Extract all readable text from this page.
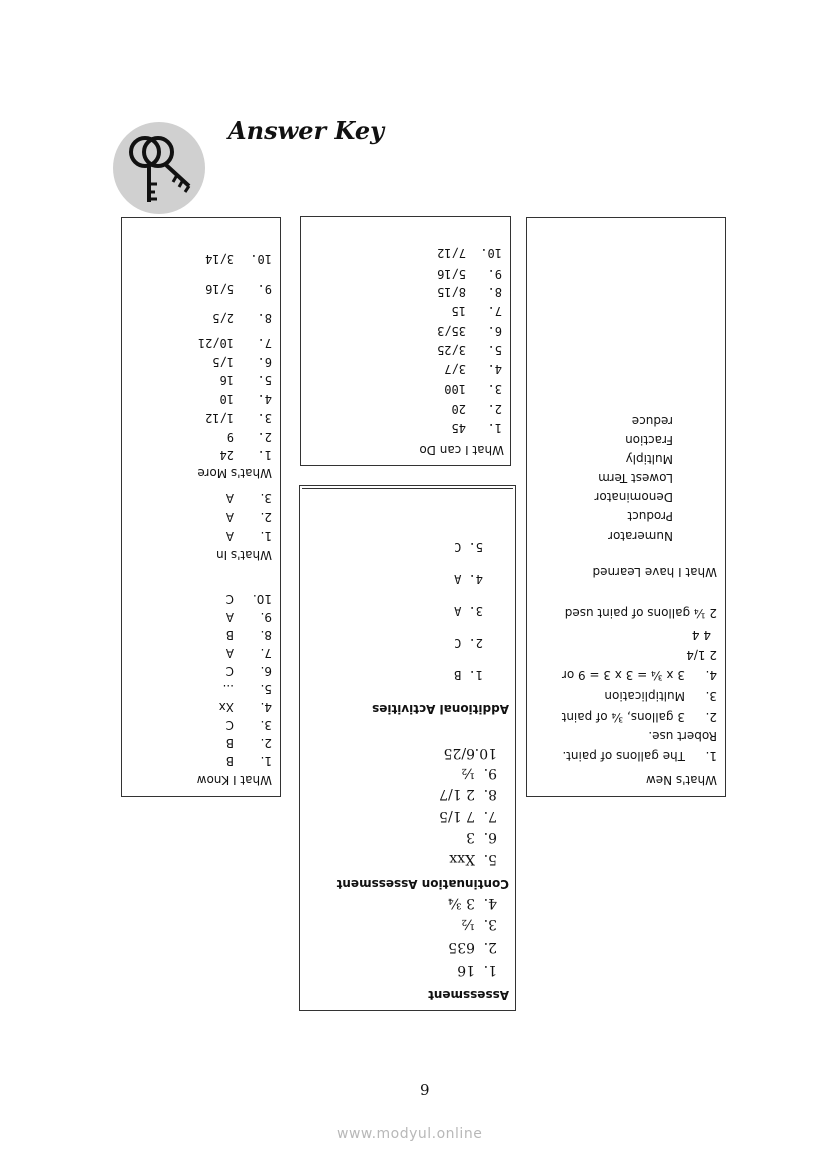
Answer Key
What I Know
1.B
2.B
3.C
4.Xx
5....
6.C
7.A
8.B
9.A
10.C
What's In
1.A
2.A
3.A
What's More
1.24
2.9
3.1/12
4.10
5.16
6.1/5
7.10/21
8.2/5
9.5/16
10.3/14
What I can Do
1.45
2.20
3.100
4.3/7
5.3/25
6.35/3
7.15
8.8/15
9.5/16
10.7/12
Assessment
1.16
2.635
3.½
4.3 ¾
Continuation Assessment
5.Xxx
6.3
7.7 1/5
8.2 1/7
9.½
10.6/25
Additional Activities
1. B
2. C
3. A
4. A
5. C
What's New
1.The gallons of paint.
Robert use.
2.3 gallons, ¾ of paint
3.Multiplication
4.3 x ¾ = 3 x 3 = 9 or
2 1/4
4 4
2 ¼ gallons of paint used
What I have Learned
Numerator
Product
Denominator
Lowest Term
Multiply
Fraction
reduce
9
www.modyul.online
